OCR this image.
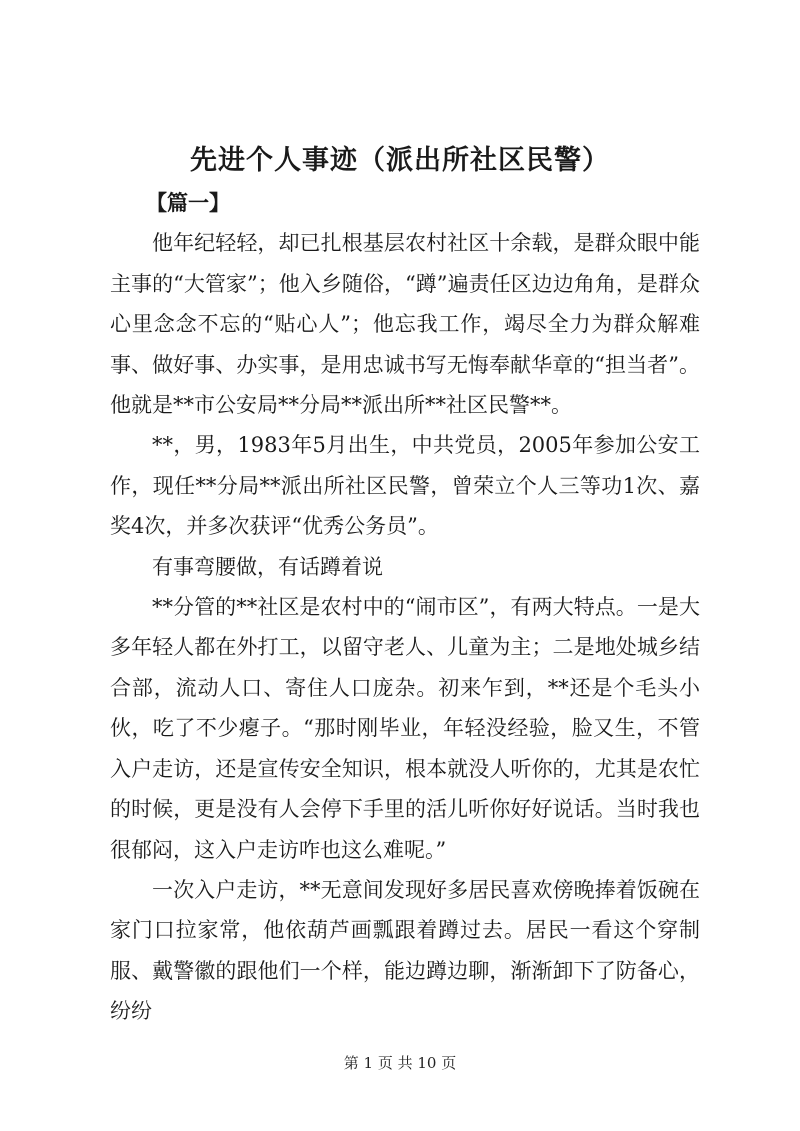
先进个人事迹（派出所社区民警）

【篇一】

他年纪轻轻，却已扎根基层农村社区十余载，是群众眼中能主事的“大管家”；他入乡随俗，“蹲”遍责任区边边角角，是群众心里念念不忘的“贴心人”；他忘我工作，竭尽全力为群众解难事、做好事、办实事，是用忠诚书写无悔奉献华章的“担当者”。他就是**市公安局**分局**派出所**社区民警**。

**，男，1983年5月出生，中共党员，2005年参加公安工作，现任**分局**派出所社区民警，曾荣立个人三等功1次、嘉奖4次，并多次获评“优秀公务员”。

有事弯腰做，有话蹲着说

**分管的**社区是农村中的“闹市区”，有两大特点。一是大多年轻人都在外打工，以留守老人、儿童为主；二是地处城乡结合部，流动人口、寄住人口庞杂。初来乍到，**还是个毛头小伙，吃了不少瘪子。“那时刚毕业，年轻没经验，脸又生，不管入户走访，还是宣传安全知识，根本就没人听你的，尤其是农忙的时候，更是没有人会停下手里的活儿听你好好说话。当时我也很郁闷，这入户走访咋也这么难呢。”

一次入户走访，**无意间发现好多居民喜欢傍晚捧着饭碗在家门口拉家常，他依葫芦画瓢跟着蹲过去。居民一看这个穿制服、戴警徽的跟他们一个样，能边蹲边聊，渐渐卸下了防备心，纷纷

第 1 页 共 10 页
